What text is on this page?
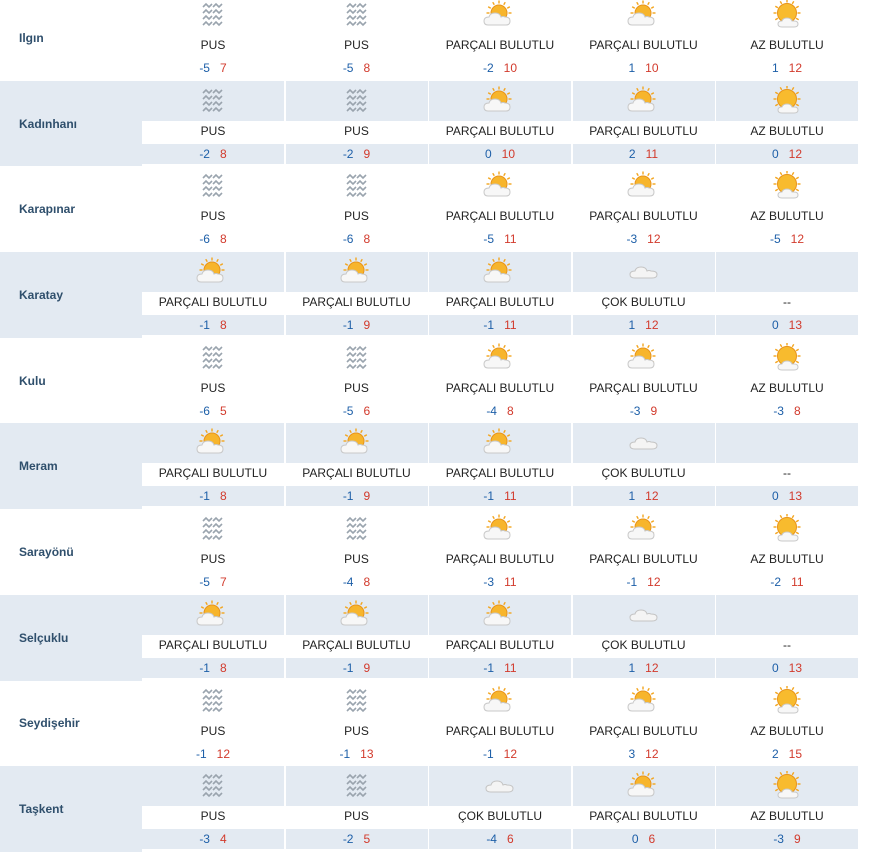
Ilgın
PUS
-5 7
PUS
-5 8
PARÇALI BULUTLU
-2 10
PARÇALI BULUTLU
1 10
AZ BULUTLU
1 12
Kadınhanı
PUS
-2 8
PUS
-2 9
PARÇALI BULUTLU
0 10
PARÇALI BULUTLU
2 11
AZ BULUTLU
0 12
Karapınar
PUS
-6 8
PUS
-6 8
PARÇALI BULUTLU
-5 11
PARÇALI BULUTLU
-3 12
AZ BULUTLU
-5 12
Karatay
PARÇALI BULUTLU
-1 8
PARÇALI BULUTLU
-1 9
PARÇALI BULUTLU
-1 11
ÇOK BULUTLU
1 12
--
0 13
Kulu
PUS
-6 5
PUS
-5 6
PARÇALI BULUTLU
-4 8
PARÇALI BULUTLU
-3 9
AZ BULUTLU
-3 8
Meram
PARÇALI BULUTLU
-1 8
PARÇALI BULUTLU
-1 9
PARÇALI BULUTLU
-1 11
ÇOK BULUTLU
1 12
--
0 13
Sarayönü
PUS
-5 7
PUS
-4 8
PARÇALI BULUTLU
-3 11
PARÇALI BULUTLU
-1 12
AZ BULUTLU
-2 11
Selçuklu
PARÇALI BULUTLU
-1 8
PARÇALI BULUTLU
-1 9
PARÇALI BULUTLU
-1 11
ÇOK BULUTLU
1 12
--
0 13
Seydişehir
PUS
-1 12
PUS
-1 13
PARÇALI BULUTLU
-1 12
PARÇALI BULUTLU
3 12
AZ BULUTLU
2 15
Taşkent
PUS
-3 4
PUS
-2 5
ÇOK BULUTLU
-4 6
PARÇALI BULUTLU
0 6
AZ BULUTLU
-3 9
